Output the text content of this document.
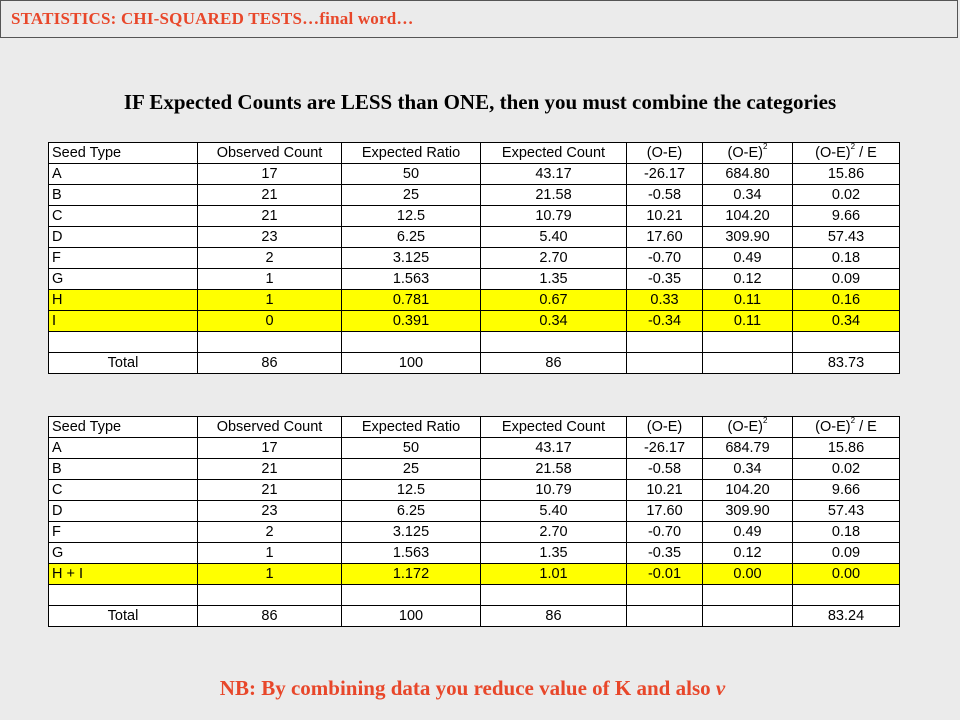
STATISTICS: CHI-SQUARED TESTS…final word…
IF Expected Counts are LESS than ONE, then you must combine the categories
Seed Type	Observed Count	Expected Ratio	Expected Count	(O-E)	$(O-E)^2$	$(O-E)^2$ / E
A	17	50	43.17	-26.17	684.80	15.86
B	21	25	21.58	-0.58	0.34	0.02
C	21	12.5	10.79	10.21	104.20	9.66
D	23	6.25	5.40	17.60	309.90	57.43
F	2	3.125	2.70	-0.70	0.49	0.18
G	1	1.563	1.35	-0.35	0.12	0.09
H	1	0.781	0.67	0.33	0.11	0.16
I	0	0.391	0.34	-0.34	0.11	0.34

Total	86	100	86			83.73
Seed Type	Observed Count	Expected Ratio	Expected Count	(O-E)	$(O-E)^2$	$(O-E)^2$ / E
A	17	50	43.17	-26.17	684.79	15.86
B	21	25	21.58	-0.58	0.34	0.02
C	21	12.5	10.79	10.21	104.20	9.66
D	23	6.25	5.40	17.60	309.90	57.43
F	2	3.125	2.70	-0.70	0.49	0.18
G	1	1.563	1.35	-0.35	0.12	0.09
H + I	1	1.172	1.01	-0.01	0.00	0.00

Total	86	100	86			83.24
NB: By combining data you reduce value of K and also v
